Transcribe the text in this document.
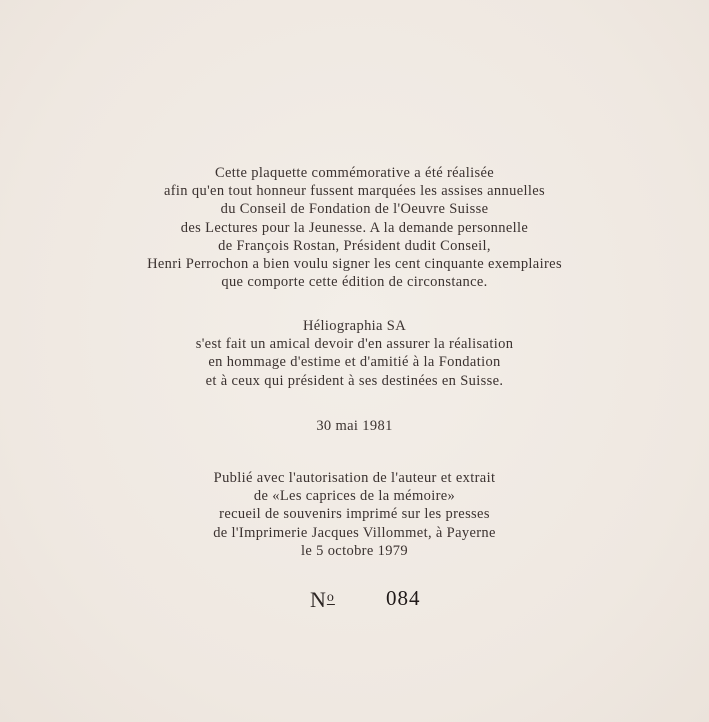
Cette plaquette commémorative a été réalisée
afin qu'en tout honneur fussent marquées les assises annuelles
du Conseil de Fondation de l'Oeuvre Suisse
des Lectures pour la Jeunesse. A la demande personnelle
de François Rostan, Président dudit Conseil,
Henri Perrochon a bien voulu signer les cent cinquante exemplaires
que comporte cette édition de circonstance.
Héliographia SA
s'est fait un amical devoir d'en assurer la réalisation
en hommage d'estime et d'amitié à la Fondation
et à ceux qui président à ses destinées en Suisse.
30 mai 1981
Publié avec l'autorisation de l'auteur et extrait
de «Les caprices de la mémoire»
recueil de souvenirs imprimé sur les presses
de l'Imprimerie Jacques Villommet, à Payerne
le 5 octobre 1979
$N^o$ 084
